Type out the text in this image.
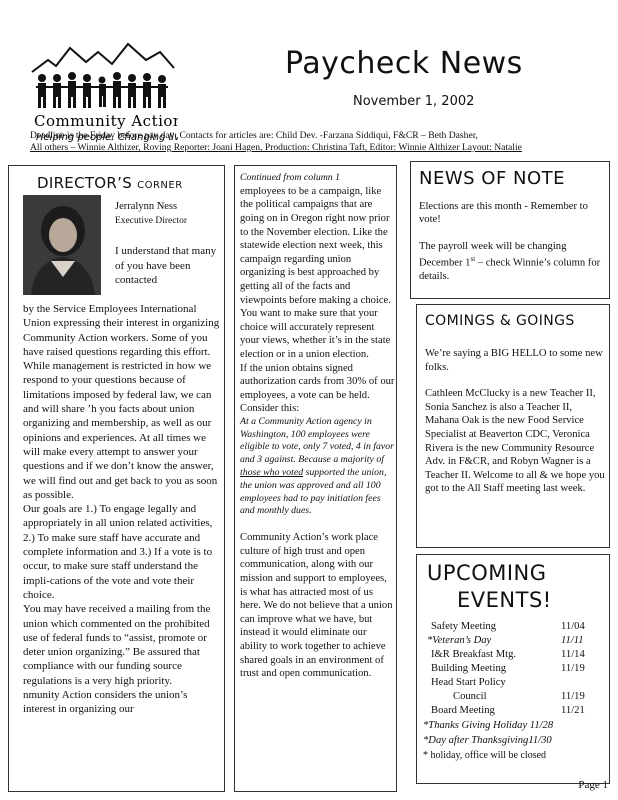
Community Action
Helping people. Changing li
Paycheck News
November 1, 2002
Deadline is the Friday before pay day; Contacts for articles are: Child Dev. -Farzana Siddiqui, F&CR – Beth Dasher,
All others – Winnie Althizer, Roving Reporter: Joani Hagen, Production: Christina Taft, Editor: Winnie Althizer Layout: Natalie
DIRECTOR’S CORNER
Jerralynn Ness
Executive Director
I understand that many of you have been contacted

by the Service Employees International Union expressing their interest in organizing Community Action workers. Some of you have raised questions regarding this effort. While management is restricted in how we respond to your questions because of limitations imposed by federal law, we can and will share ’h you facts about union organizing and membership, as well as our opinions and experiences. At all times we will make every attempt to answer your questions and if we don’t know the answer, we will find out and get back to you as soon as possible.

Our goals are 1.) To engage legally and appropriately in all union related activities, 2.) To make sure staff have accurate and complete information and 3.) If a vote is to occur, to make sure staff understand the impli-cations of the vote and vote their choice.

You may have received a mailing from the union which commented on the prohibited use of federal funds to “assist, promote or deter union organizing.” Be assured that compliance with our funding source regulations is a very high priority.

nmunity Action considers the union’s interest in organizing our

Continued from column 1

employees to be a campaign, like the political campaigns that are going on in Oregon right now prior to the November election. Like the statewide election next week, this campaign regarding union organizing is best approached by getting all of the facts and viewpoints before making a choice. You want to make sure that your choice will accurately represent your views, whether it’s in the state election or in a union election.

If the union obtains signed authorization cards from 30% of our employees, a vote can be held. Consider this:

At a Community Action agency in Washington, 100 employees were eligible to vote, only 7 voted, 4 in favor and 3 against. Because a majority of those who voted supported the union, the union was approved and all 100 employees had to pay initiation fees and monthly dues.

Community Action’s work place culture of high trust and open communication, along with our mission and support to employees, is what has attracted most of us here. We do not believe that a union can improve what we have, but instead it would eliminate our ability to work together to achieve shared goals in an environment of trust and open communication.

NEWS OF NOTE

Elections are this month - Remember to vote!

The payroll week will be changing December 1st – check Winnie’s column for details.

COMINGS & GOINGS

We’re saying a BIG HELLO to some new folks.

Cathleen McClucky is a new Teacher II, Sonia Sanchez is also a Teacher II, Mahana Oak is the new Food Service Specialist at Beaverton CDC, Veronica Rivera is the new Community Resource Adv. in F&CR, and Robyn Wagner is a Teacher II. Welcome to all & we hope you got to the All Staff meeting last week.

UPCOMING
EVENTS!
Safety Meeting	11/04
*Veteran’s Day	11/11
I&R Breakfast Mtg.	11/14
Building Meeting	11/19
Head Start Policy
Council	11/19
Board Meeting	11/21
*Thanks Giving Holiday 11/28
*Day after Thanksgiving11/30
* holiday, office will be closed
Page 1
